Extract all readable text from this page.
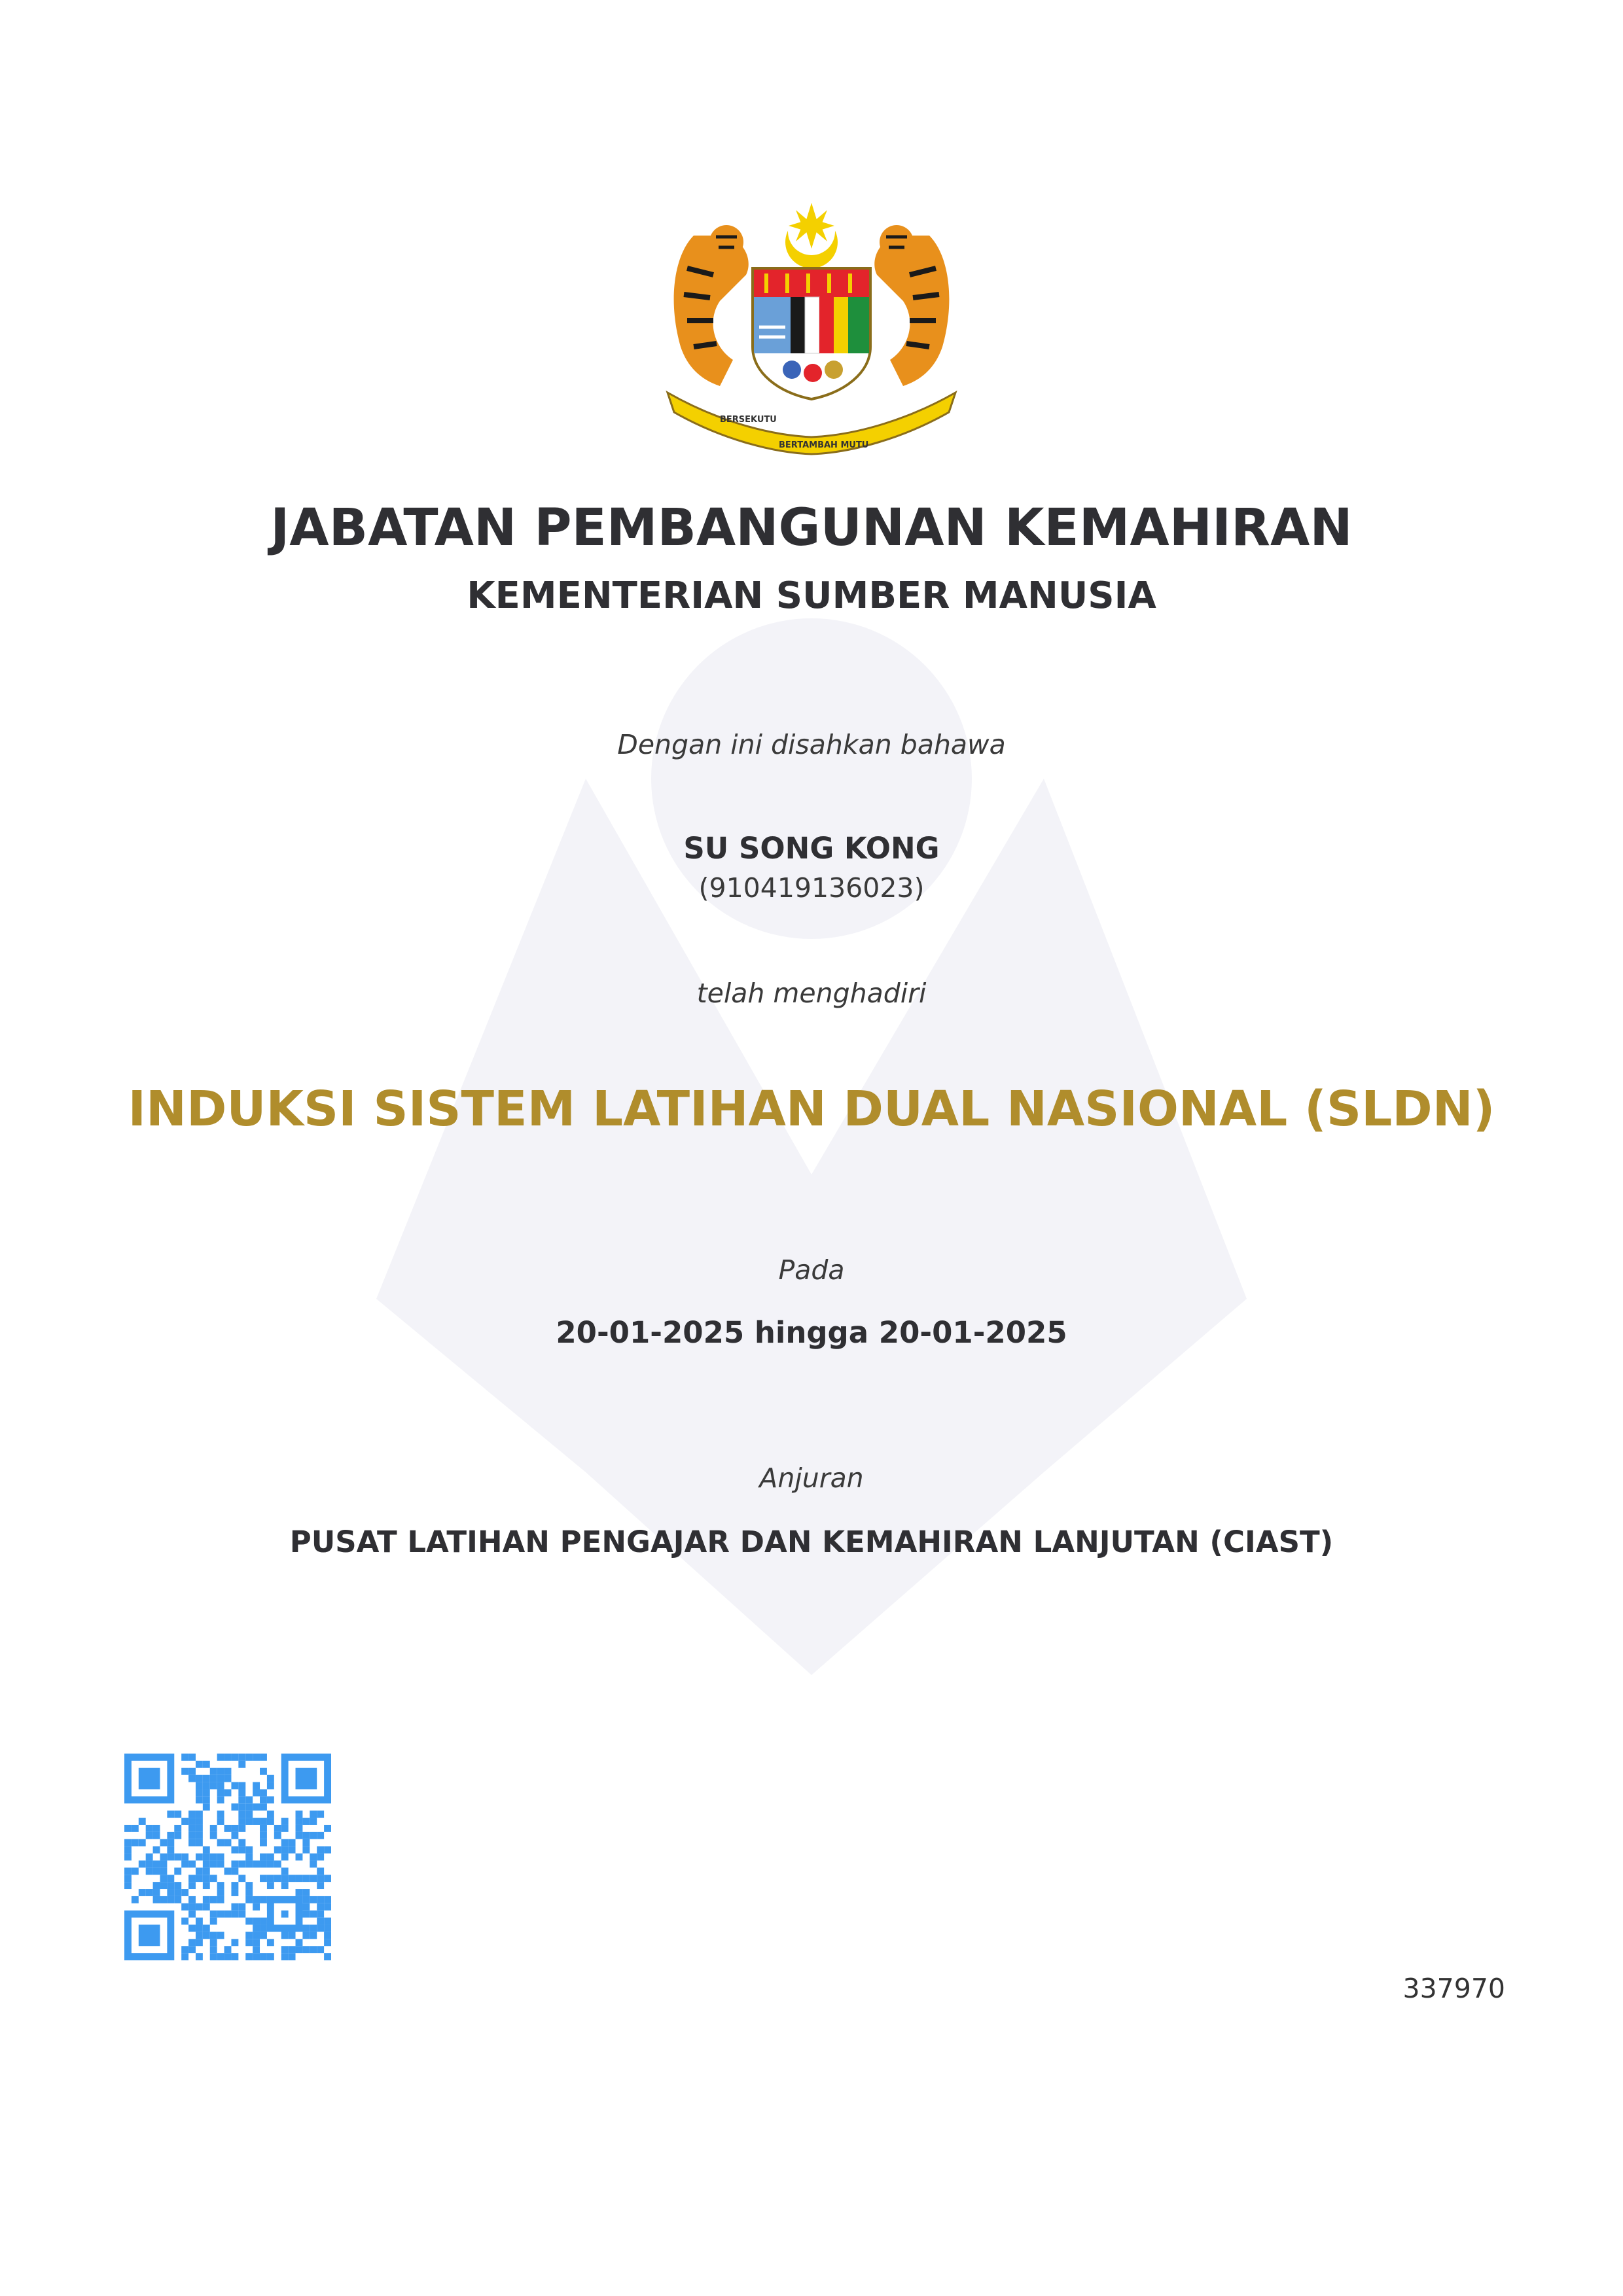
BERSEKUTU
BERTAMBAH MUTU
JABATAN PEMBANGUNAN KEMAHIRAN
KEMENTERIAN SUMBER MANUSIA
Dengan ini disahkan bahawa
SU SONG KONG
(910419136023)
telah menghadiri
INDUKSI SISTEM LATIHAN DUAL NASIONAL (SLDN)
Pada
20-01-2025 hingga 20-01-2025
Anjuran
PUSAT LATIHAN PENGAJAR DAN KEMAHIRAN LANJUTAN (CIAST)
337970
